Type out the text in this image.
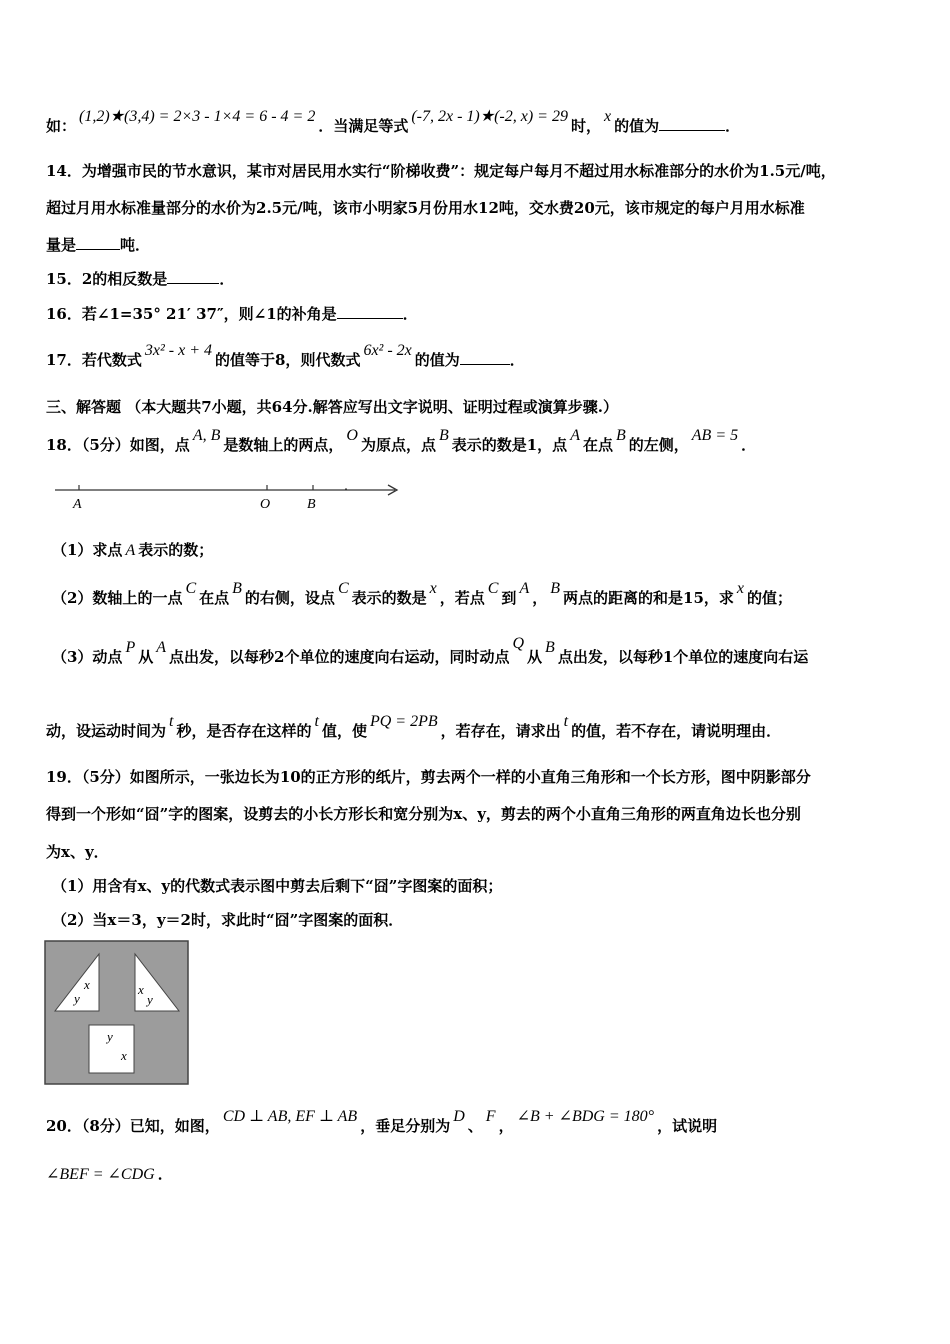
如：(1,2)★(3,4) = 2×3 - 1×4 = 6 - 4 = 2．当满足等式(-7, 2x - 1)★(-2, x) = 29时，x的值为	．
14．为增强市民的节水意识，某市对居民用水实行“阶梯收费”：规定每户每月不超过用水标准部分的水价为1.5元/吨，
超过月用水标准量部分的水价为2.5元/吨，该市小明家5月份用水12吨，交水费20元，该市规定的每户月用水标准
量是	吨．
15．2的相反数是	．
16．若∠1=35° 21′ 37″，则∠1的补角是	．
17．若代数式3x² - x + 4的值等于8，则代数式6x² - 2x的值为	．
三、解答题 （本大题共7小题，共64分.解答应写出文字说明、证明过程或演算步骤.）
18．（5分）如图，点A, B是数轴上的两点，O为原点，点B表示的数是1，点A在点B的左侧，AB = 5．
A	O	B
（1）求点 A 表示的数；
（2）数轴上的一点C在点B的右侧，设点C表示的数是x，若点C到A，B两点的距离的和是15，求x的值；
（3）动点P从A点出发，以每秒2个单位的速度向右运动，同时动点Q从B点出发，以每秒1个单位的速度向右运
动，设运动时间为t秒，是否存在这样的t值，使PQ = 2PB，若存在，请求出t的值，若不存在，请说明理由．
19．（5分）如图所示，一张边长为10的正方形的纸片，剪去两个一样的小直角三角形和一个长方形，图中阴影部分
得到一个形如“囧”字的图案，设剪去的小长方形长和宽分别为x、y，剪去的两个小直角三角形的两直角边长也分别
为x、y．
（1）用含有x、y的代数式表示图中剪去后剩下“囧”字图案的面积；
（2）当x＝3，y＝2时，求此时“囧”字图案的面积．
x
y
x
y
y
x
20．（8分）已知，如图，CD ⊥ AB, EF ⊥ AB，垂足分别为D、F，∠B + ∠BDG = 180°，试说明
∠BEF = ∠CDG ．
